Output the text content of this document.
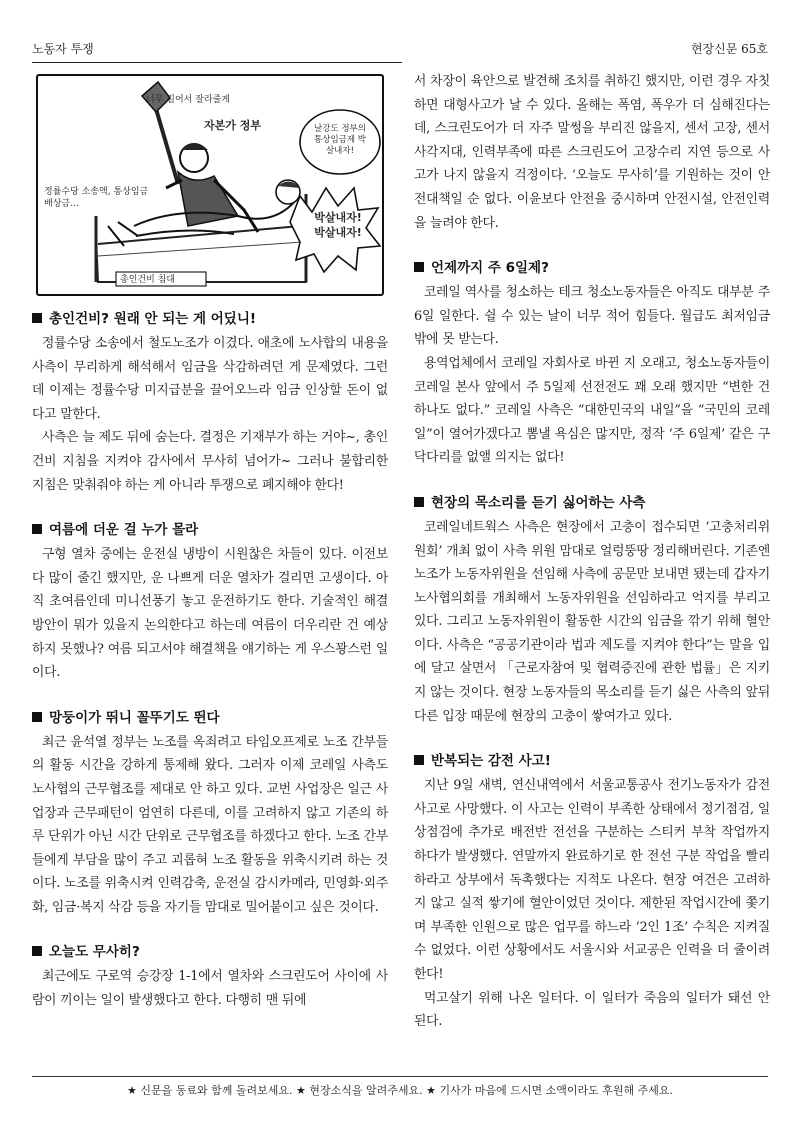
노동자 투쟁	현장신문 65호
너무 길어서 잘라줄게
자본가 정부	날강도 정부의 통상임금제 박살내자!
정률수당 소송액, 통상임금 배상금…
박살내자! 박살내자!
총인건비 침대
총인건비? 원래 안 되는 게 어딨니!

정률수당 소송에서 철도노조가 이겼다. 애초에 노사합의 내용을 사측이 무리하게 해석해서 임금을 삭감하려던 게 문제였다. 그런데 이제는 정률수당 미지급분을 끌어오느라 임금 인상할 돈이 없다고 말한다.

사측은 늘 제도 뒤에 숨는다. 결정은 기재부가 하는 거야~, 총인건비 지침을 지켜야 감사에서 무사히 넘어가~ 그러나 불합리한 지침은 맞춰줘야 하는 게 아니라 투쟁으로 폐지해야 한다!

여름에 더운 걸 누가 몰라

구형 열차 중에는 운전실 냉방이 시원찮은 차들이 있다. 이전보다 많이 줄긴 했지만, 운 나쁘게 더운 열차가 걸리면 고생이다. 아직 초여름인데 미니선풍기 놓고 운전하기도 한다. 기술적인 해결 방안이 뭐가 있을지 논의한다고 하는데 여름이 더우리란 건 예상하지 못했나? 여름 되고서야 해결책을 얘기하는 게 우스꽝스런 일이다.

망둥이가 뛰니 꼴뚜기도 뛴다

최근 윤석열 정부는 노조를 옥죄려고 타임오프제로 노조 간부들의 활동 시간을 강하게 통제해 왔다. 그러자 이제 코레일 사측도 노사협의 근무협조를 제대로 안 하고 있다. 교번 사업장은 일근 사업장과 근무패턴이 엄연히 다른데, 이를 고려하지 않고 기존의 하루 단위가 아닌 시간 단위로 근무협조를 하겠다고 한다. 노조 간부들에게 부담을 많이 주고 괴롭혀 노조 활동을 위축시키려 하는 것이다. 노조를 위축시켜 인력감축, 운전실 감시카메라, 민영화·외주화, 임금·복지 삭감 등을 자기들 맘대로 밀어붙이고 싶은 것이다.

오늘도 무사히?

최근에도 구로역 승강장 1-1에서 열차와 스크린도어 사이에 사람이 끼이는 일이 발생했다고 한다. 다행히 맨 뒤에

서 차장이 육안으로 발견해 조치를 취하긴 했지만, 이런 경우 자칫하면 대형사고가 날 수 있다. 올해는 폭염, 폭우가 더 심해진다는데, 스크린도어가 더 자주 말썽을 부리진 않을지, 센서 고장, 센서 사각지대, 인력부족에 따른 스크린도어 고장수리 지연 등으로 사고가 나지 않을지 걱정이다. ‘오늘도 무사히’를 기원하는 것이 안전대책일 순 없다. 이윤보다 안전을 중시하며 안전시설, 안전인력을 늘려야 한다.

언제까지 주 6일제?

코레일 역사를 청소하는 테크 청소노동자들은 아직도 대부분 주 6일 일한다. 쉴 수 있는 날이 너무 적어 힘들다. 월급도 최저임금밖에 못 받는다.

용역업체에서 코레일 자회사로 바뀐 지 오래고, 청소노동자들이 코레일 본사 앞에서 주 5일제 선전전도 꽤 오래 했지만 “변한 건 하나도 없다.” 코레일 사측은 “대한민국의 내일”을 “국민의 코레일”이 열어가겠다고 뽐낼 욕심은 많지만, 정작 ‘주 6일제’ 같은 구닥다리를 없앨 의지는 없다!

현장의 목소리를 듣기 싫어하는 사측

코레일네트웍스 사측은 현장에서 고충이 접수되면 ‘고충처리위원회’ 개최 없이 사측 위원 맘대로 얼렁뚱땅 정리해버린다. 기존엔 노조가 노동자위원을 선임해 사측에 공문만 보내면 됐는데 갑자기 노사협의회를 개최해서 노동자위원을 선임하라고 억지를 부리고 있다. 그리고 노동자위원이 활동한 시간의 임금을 깎기 위해 혈안이다. 사측은 “공공기관이라 법과 제도를 지켜야 한다”는 말을 입에 달고 살면서 「근로자참여 및 협력증진에 관한 법률」은 지키지 않는 것이다. 현장 노동자들의 목소리를 듣기 싫은 사측의 앞뒤 다른 입장 때문에 현장의 고충이 쌓여가고 있다.

반복되는 감전 사고!

지난 9일 새벽, 연신내역에서 서울교통공사 전기노동자가 감전 사고로 사망했다. 이 사고는 인력이 부족한 상태에서 정기점검, 일상점검에 추가로 배전반 전선을 구분하는 스티커 부착 작업까지 하다가 발생했다. 연말까지 완료하기로 한 전선 구분 작업을 빨리하라고 상부에서 독촉했다는 지적도 나온다. 현장 여건은 고려하지 않고 실적 쌓기에 혈안이었던 것이다. 제한된 작업시간에 쫓기며 부족한 인원으로 많은 업무를 하느라 ‘2인 1조’ 수칙은 지켜질 수 없었다. 이런 상황에서도 서울시와 서교공은 인력을 더 줄이려 한다!

먹고살기 위해 나온 일터다. 이 일터가 죽음의 일터가 돼선 안 된다.

★ 신문을 동료와 함께 돌려보세요. ★ 현장소식을 알려주세요. ★ 기사가 마음에 드시면 소액이라도 후원해 주세요.
